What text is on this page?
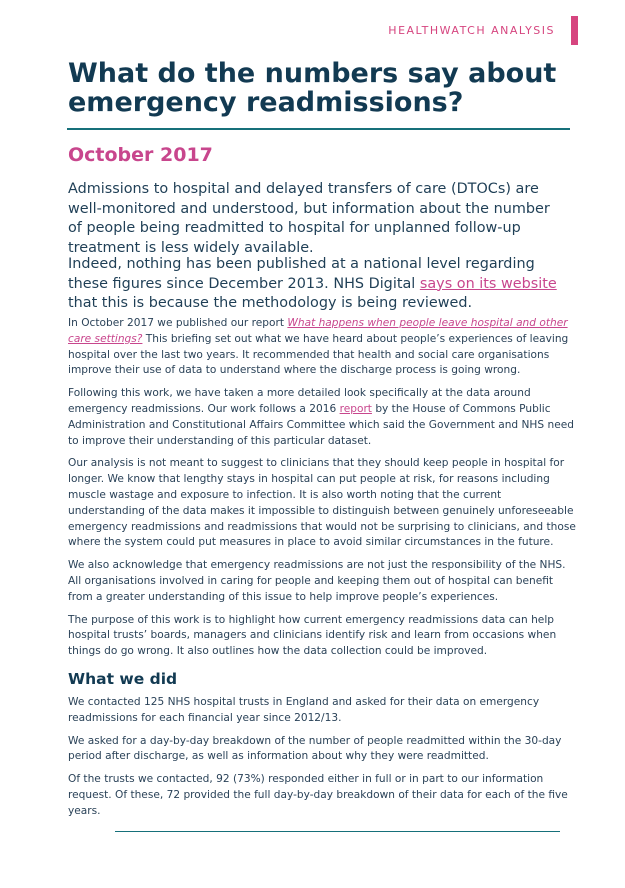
HEALTHWATCH ANALYSIS
What do the numbers say about emergency readmissions?
October 2017

Admissions to hospital and delayed transfers of care (DTOCs) are well-monitored and understood, but information about the number of people being readmitted to hospital for unplanned follow-up treatment is less widely available.

Indeed, nothing has been published at a national level regarding these figures since December 2013. NHS Digital says on its website that this is because the methodology is being reviewed.

In October 2017 we published our report What happens when people leave hospital and other care settings? This briefing set out what we have heard about people’s experiences of leaving hospital over the last two years. It recommended that health and social care organisations improve their use of data to understand where the discharge process is going wrong.

Following this work, we have taken a more detailed look specifically at the data around emergency readmissions. Our work follows a 2016 report by the House of Commons Public Administration and Constitutional Affairs Committee which said the Government and NHS need to improve their understanding of this particular dataset.

Our analysis is not meant to suggest to clinicians that they should keep people in hospital for longer. We know that lengthy stays in hospital can put people at risk, for reasons including muscle wastage and exposure to infection. It is also worth noting that the current understanding of the data makes it impossible to distinguish between genuinely unforeseeable emergency readmissions and readmissions that would not be surprising to clinicians, and those where the system could put measures in place to avoid similar circumstances in the future.

We also acknowledge that emergency readmissions are not just the responsibility of the NHS. All organisations involved in caring for people and keeping them out of hospital can benefit from a greater understanding of this issue to help improve people’s experiences.

The purpose of this work is to highlight how current emergency readmissions data can help hospital trusts’ boards, managers and clinicians identify risk and learn from occasions when things do go wrong. It also outlines how the data collection could be improved.

What we did

We contacted 125 NHS hospital trusts in England and asked for their data on emergency readmissions for each financial year since 2012/13.

We asked for a day-by-day breakdown of the number of people readmitted within the 30-day period after discharge, as well as information about why they were readmitted.

Of the trusts we contacted, 92 (73%) responded either in full or in part to our information request. Of these, 72 provided the full day-by-day breakdown of their data for each of the five years.
